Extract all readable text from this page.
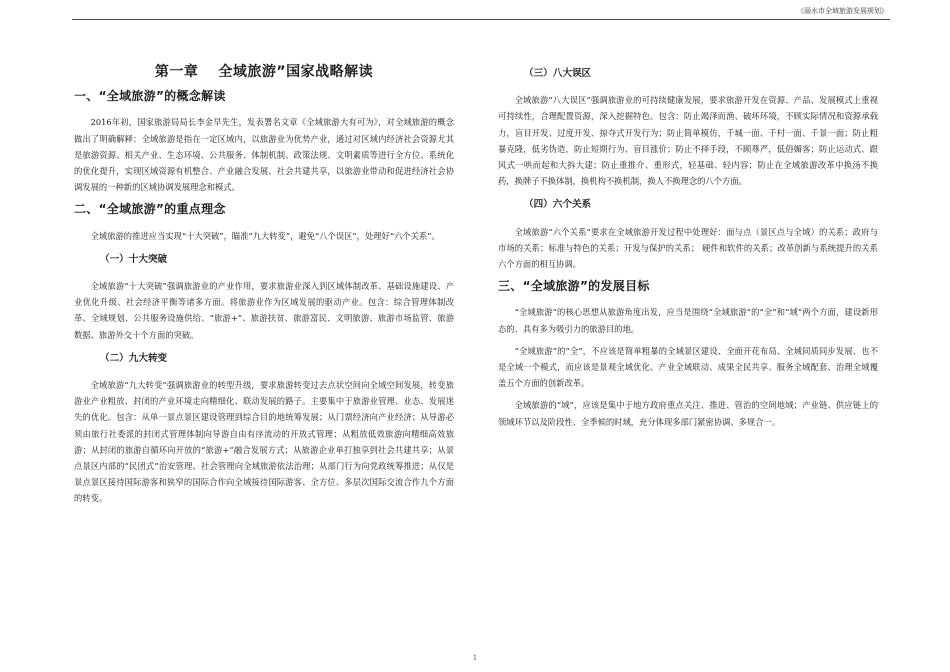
《丽水市全域旅游发展规划》
第一章 全域旅游”国家战略解读
一、“全域旅游”的概念解读

2016年初，国家旅游局局长李金早先生，发表署名文章《全域旅游大有可为》，对全域旅游的概念做出了明确解释：全域旅游是指在一定区域内，以旅游业为优势产业，通过对区域内经济社会资源尤其是旅游资源、相关产业、生态环境、公共服务、体制机制、政策法规、文明素质等进行全方位、系统化的优化提升，实现区域资源有机整合、产业融合发展、社会共建共享，以旅游业带动和促进经济社会协调发展的一种新的区域协调发展理念和模式。

二、“全域旅游”的重点理念

全域旅游的推进应当实现“十大突破”，瞄准“九大转变”，避免“八个误区”，处理好“六个关系”。

（一）十大突破

全域旅游“十大突破”强调旅游业的产业作用，要求旅游业深入到区域体制改革、基础设施建设、产业优化升级、社会经济平衡等诸多方面。将旅游业作为区域发展的驱动产业。包含：综合管理体制改革、全域规划、公共服务设施供给、“旅游+”、旅游扶贫、旅游富民、文明旅游、旅游市场监管、旅游数据、旅游外交十个方面的突破。

（二）九大转变

全域旅游“九大转变”强调旅游业的转型升级，要求旅游转变过去点状空间向全域空间发展，转变旅游业产业粗放、封闭的产业环境走向精细化、联动发展的路子。主要集中于旅游业管理、业态、发展迷失的优化。包含：从单一景点景区建设管理到综合目的地统筹发展；从门票经济向产业经济；从导游必须由旅行社委派的封闭式管理体制向导游自由有序流动的开放式管理；从粗放低效旅游向精细高效旅游；从封闭的旅游自循环向开放的“旅游+”融合发展方式；从旅游企业单打独享到社会共建共享；从景点景区内部的“民团式”治安管理、社会管理向全域旅游依法治理；从部门行为向党政统筹推进；从仅是景点景区接待国际游客和狭窄的国际合作向全域接待国际游客、全方位、多层次国际交流合作九个方面的转变。

（三）八大误区

全域旅游“八大误区”强调旅游业的可持续健康发展，要求旅游开发在资源、产品、发展模式上重视可持续性，合理配置资源，深入挖掘特色。包含：防止竭泽而渔、破坏环境，不顾实际情况和资源承载力，盲目开发、过度开发、掠夺式开发行为；防止简单模仿，千城一面、千村一面、千景一面；防止粗暴克隆，低劣伪造，防止短期行为、盲目涨价；防止不择手段，不顾尊严，低俗媚客；防止运动式、跟风式一哄而起和大拆大建；防止重推介、重形式，轻基础、轻内容；防止在全域旅游改革中换汤不换药，换牌子不换体制，换机构不换机制，换人不换理念的八个方面。

（四）六个关系

全域旅游“六个关系”要求在全域旅游开发过程中处理好：面与点（景区点与全域）的关系；政府与市场的关系；标准与特色的关系；开发与保护的关系； 硬件和软件的关系；改革创新与系统提升的关系六个方面的相互协调。

三、“全域旅游”的发展目标

“全域旅游”的核心思想从旅游角度出发，应当是围绕“全域旅游”的“全”和“域”两个方面，建设新形态的、具有多为吸引力的旅游目的地。

“全域旅游”的“全”，不应该是简单粗暴的全域景区建设、全面开花布局、全域同质同步发展、也不是全域一个模式，而应该是景观全域优化、产业全域联动、成果全民共享、服务全域配套、治理全域覆盖五个方面的创新改革。

全域旅游的“域”，应该是集中于地方政府重点关注、推进、管治的空间地域；产业链、供应链上的领域环节以及阶段性、全季候的时域，充分体现多部门紧密协调、多规合一。

1
